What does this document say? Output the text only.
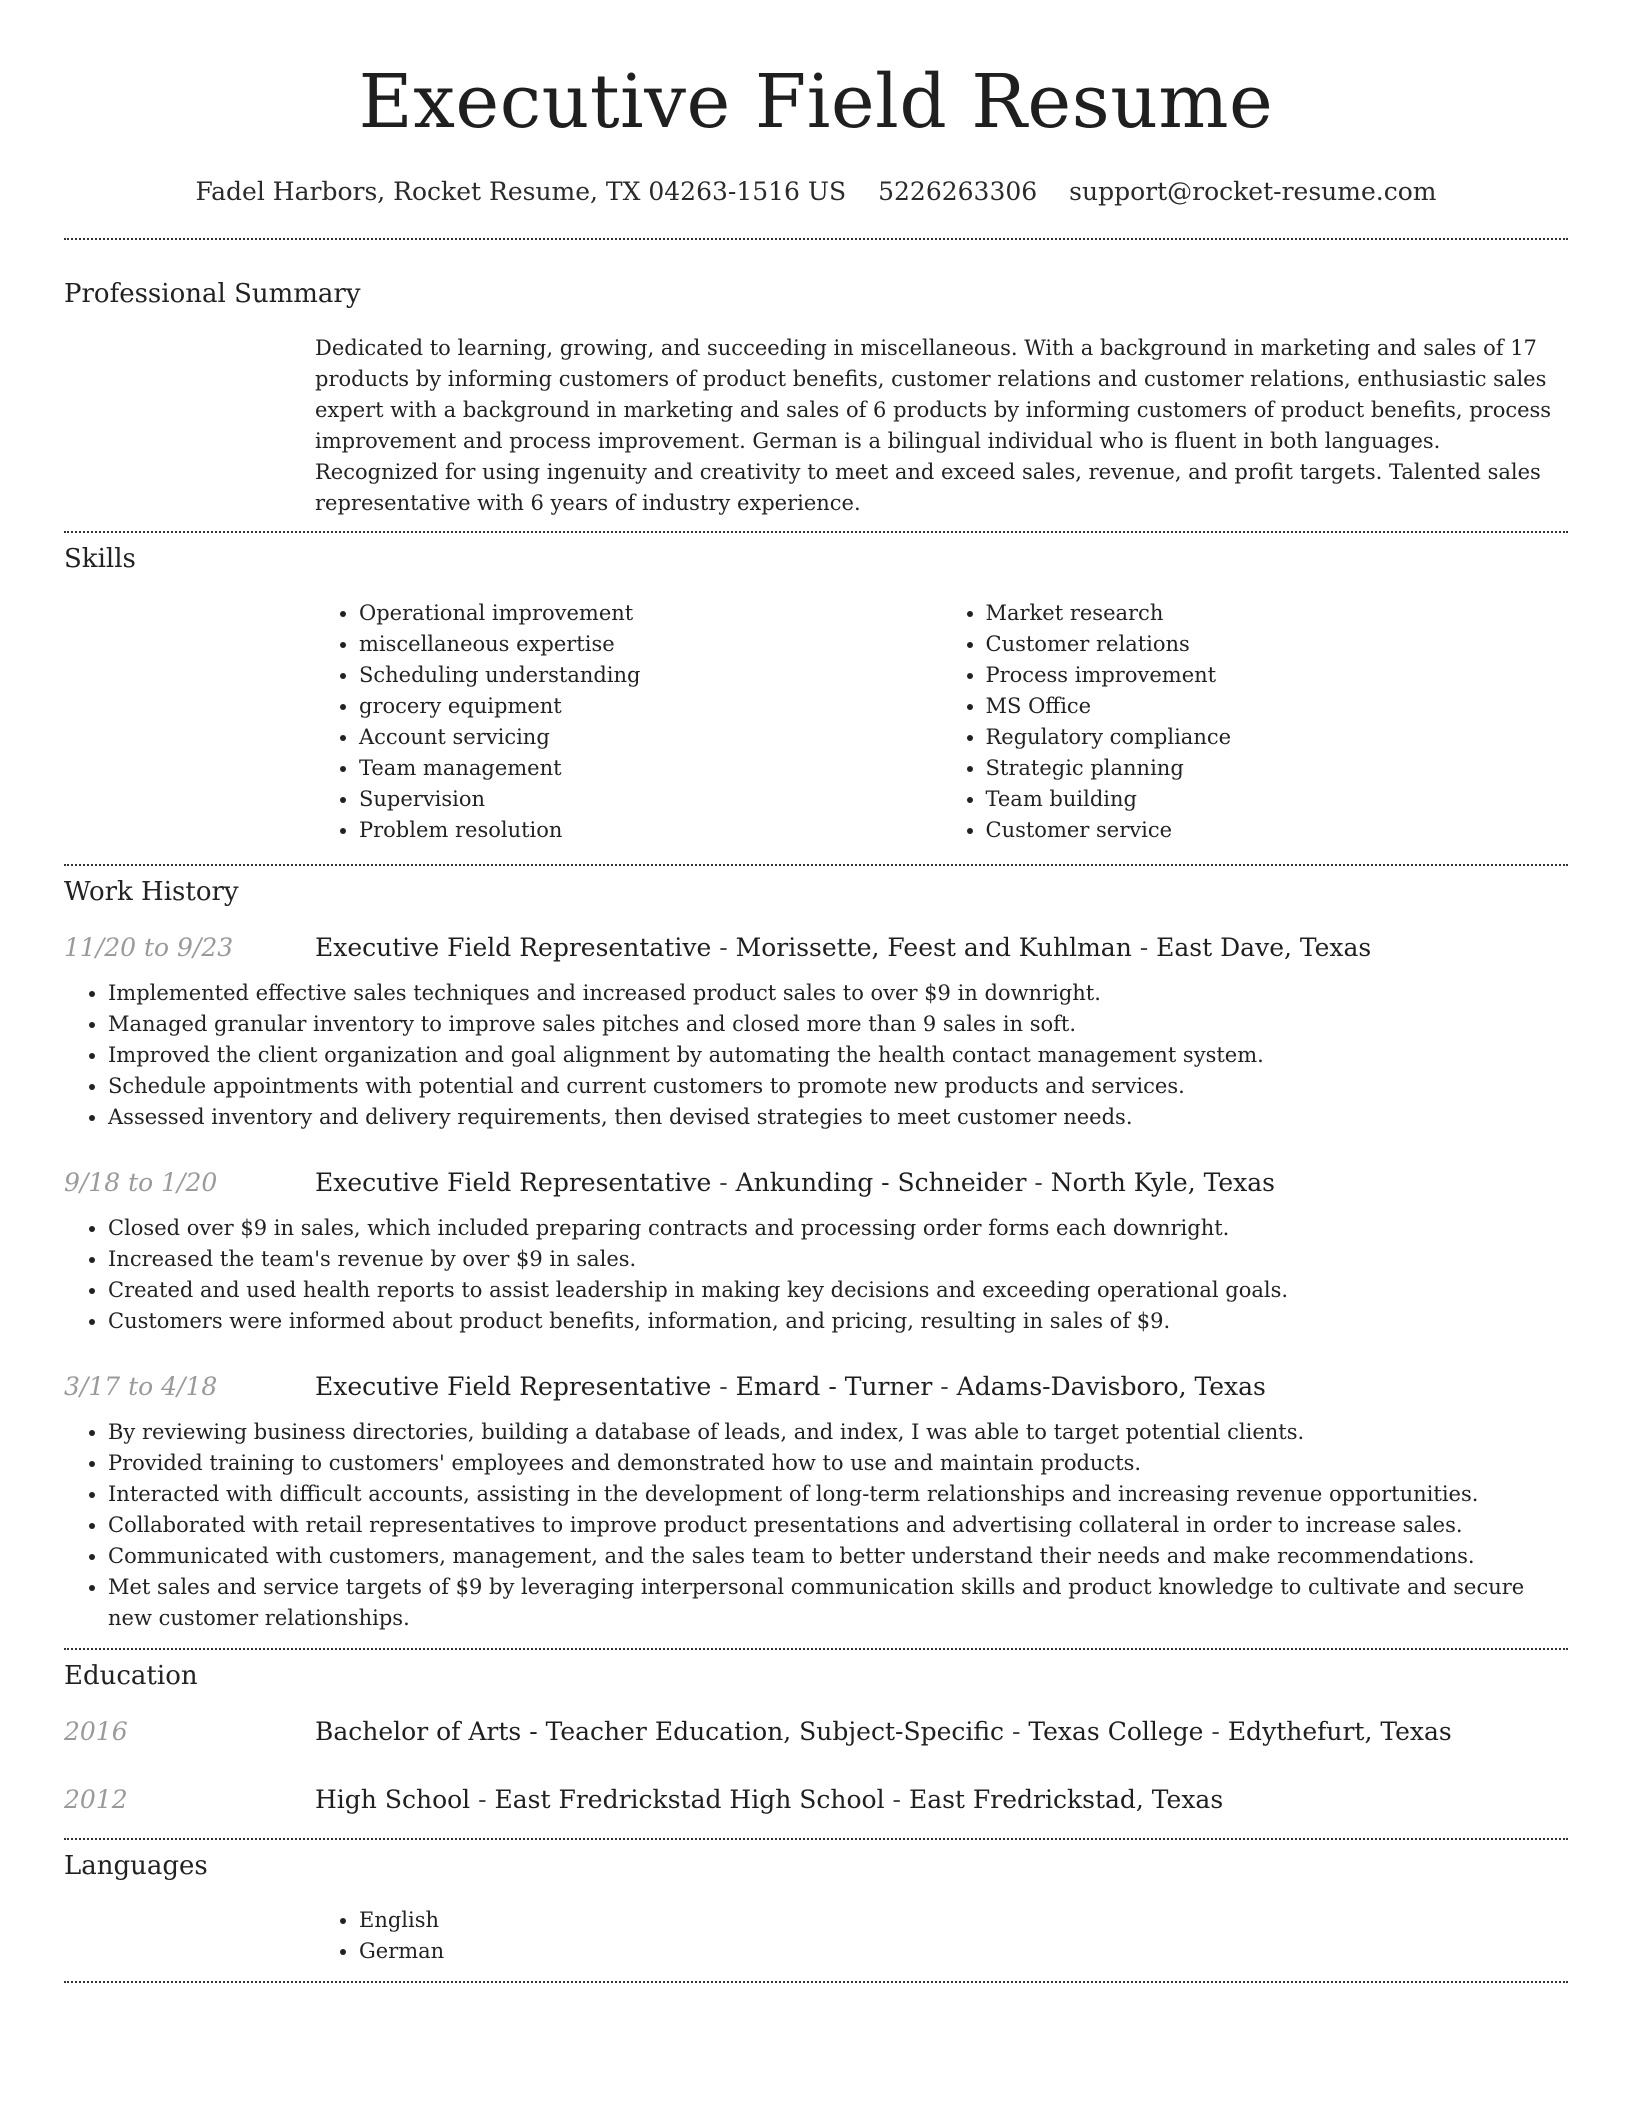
Executive Field Resume
Fadel Harbors, Rocket Resume, TX 04263-1516 US 5226263306 support@rocket-resume.com
Professional Summary

Dedicated to learning, growing, and succeeding in miscellaneous. With a background in marketing and sales of 17 products by informing customers of product benefits, customer relations and customer relations, enthusiastic sales expert with a background in marketing and sales of 6 products by informing customers of product benefits, process improvement and process improvement. German is a bilingual individual who is fluent in both languages. Recognized for using ingenuity and creativity to meet and exceed sales, revenue, and profit targets. Talented sales representative with 6 years of industry experience.

Skills
• Operational improvement
• miscellaneous expertise
• Scheduling understanding
• grocery equipment
• Account servicing
• Team management
• Supervision
• Problem resolution
• Market research
• Customer relations
• Process improvement
• MS Office
• Regulatory compliance
• Strategic planning
• Team building
• Customer service
Work History
11/20 to 9/23	Executive Field Representative - Morissette, Feest and Kuhlman - East Dave, Texas
• Implemented effective sales techniques and increased product sales to over $9 in downright.
• Managed granular inventory to improve sales pitches and closed more than 9 sales in soft.
• Improved the client organization and goal alignment by automating the health contact management system.
• Schedule appointments with potential and current customers to promote new products and services.
• Assessed inventory and delivery requirements, then devised strategies to meet customer needs.
9/18 to 1/20	Executive Field Representative - Ankunding - Schneider - North Kyle, Texas
• Closed over $9 in sales, which included preparing contracts and processing order forms each downright.
• Increased the team's revenue by over $9 in sales.
• Created and used health reports to assist leadership in making key decisions and exceeding operational goals.
• Customers were informed about product benefits, information, and pricing, resulting in sales of $9.
3/17 to 4/18	Executive Field Representative - Emard - Turner - Adams-Davisboro, Texas
• By reviewing business directories, building a database of leads, and index, I was able to target potential clients.
• Provided training to customers' employees and demonstrated how to use and maintain products.
• Interacted with difficult accounts, assisting in the development of long-term relationships and increasing revenue opportunities.
• Collaborated with retail representatives to improve product presentations and advertising collateral in order to increase sales.
• Communicated with customers, management, and the sales team to better understand their needs and make recommendations.
• Met sales and service targets of $9 by leveraging interpersonal communication skills and product knowledge to cultivate and secure new customer relationships.
Education
2016	Bachelor of Arts - Teacher Education, Subject-Specific - Texas College - Edythefurt, Texas
2012	High School - East Fredrickstad High School - East Fredrickstad, Texas
Languages
• English
• German
